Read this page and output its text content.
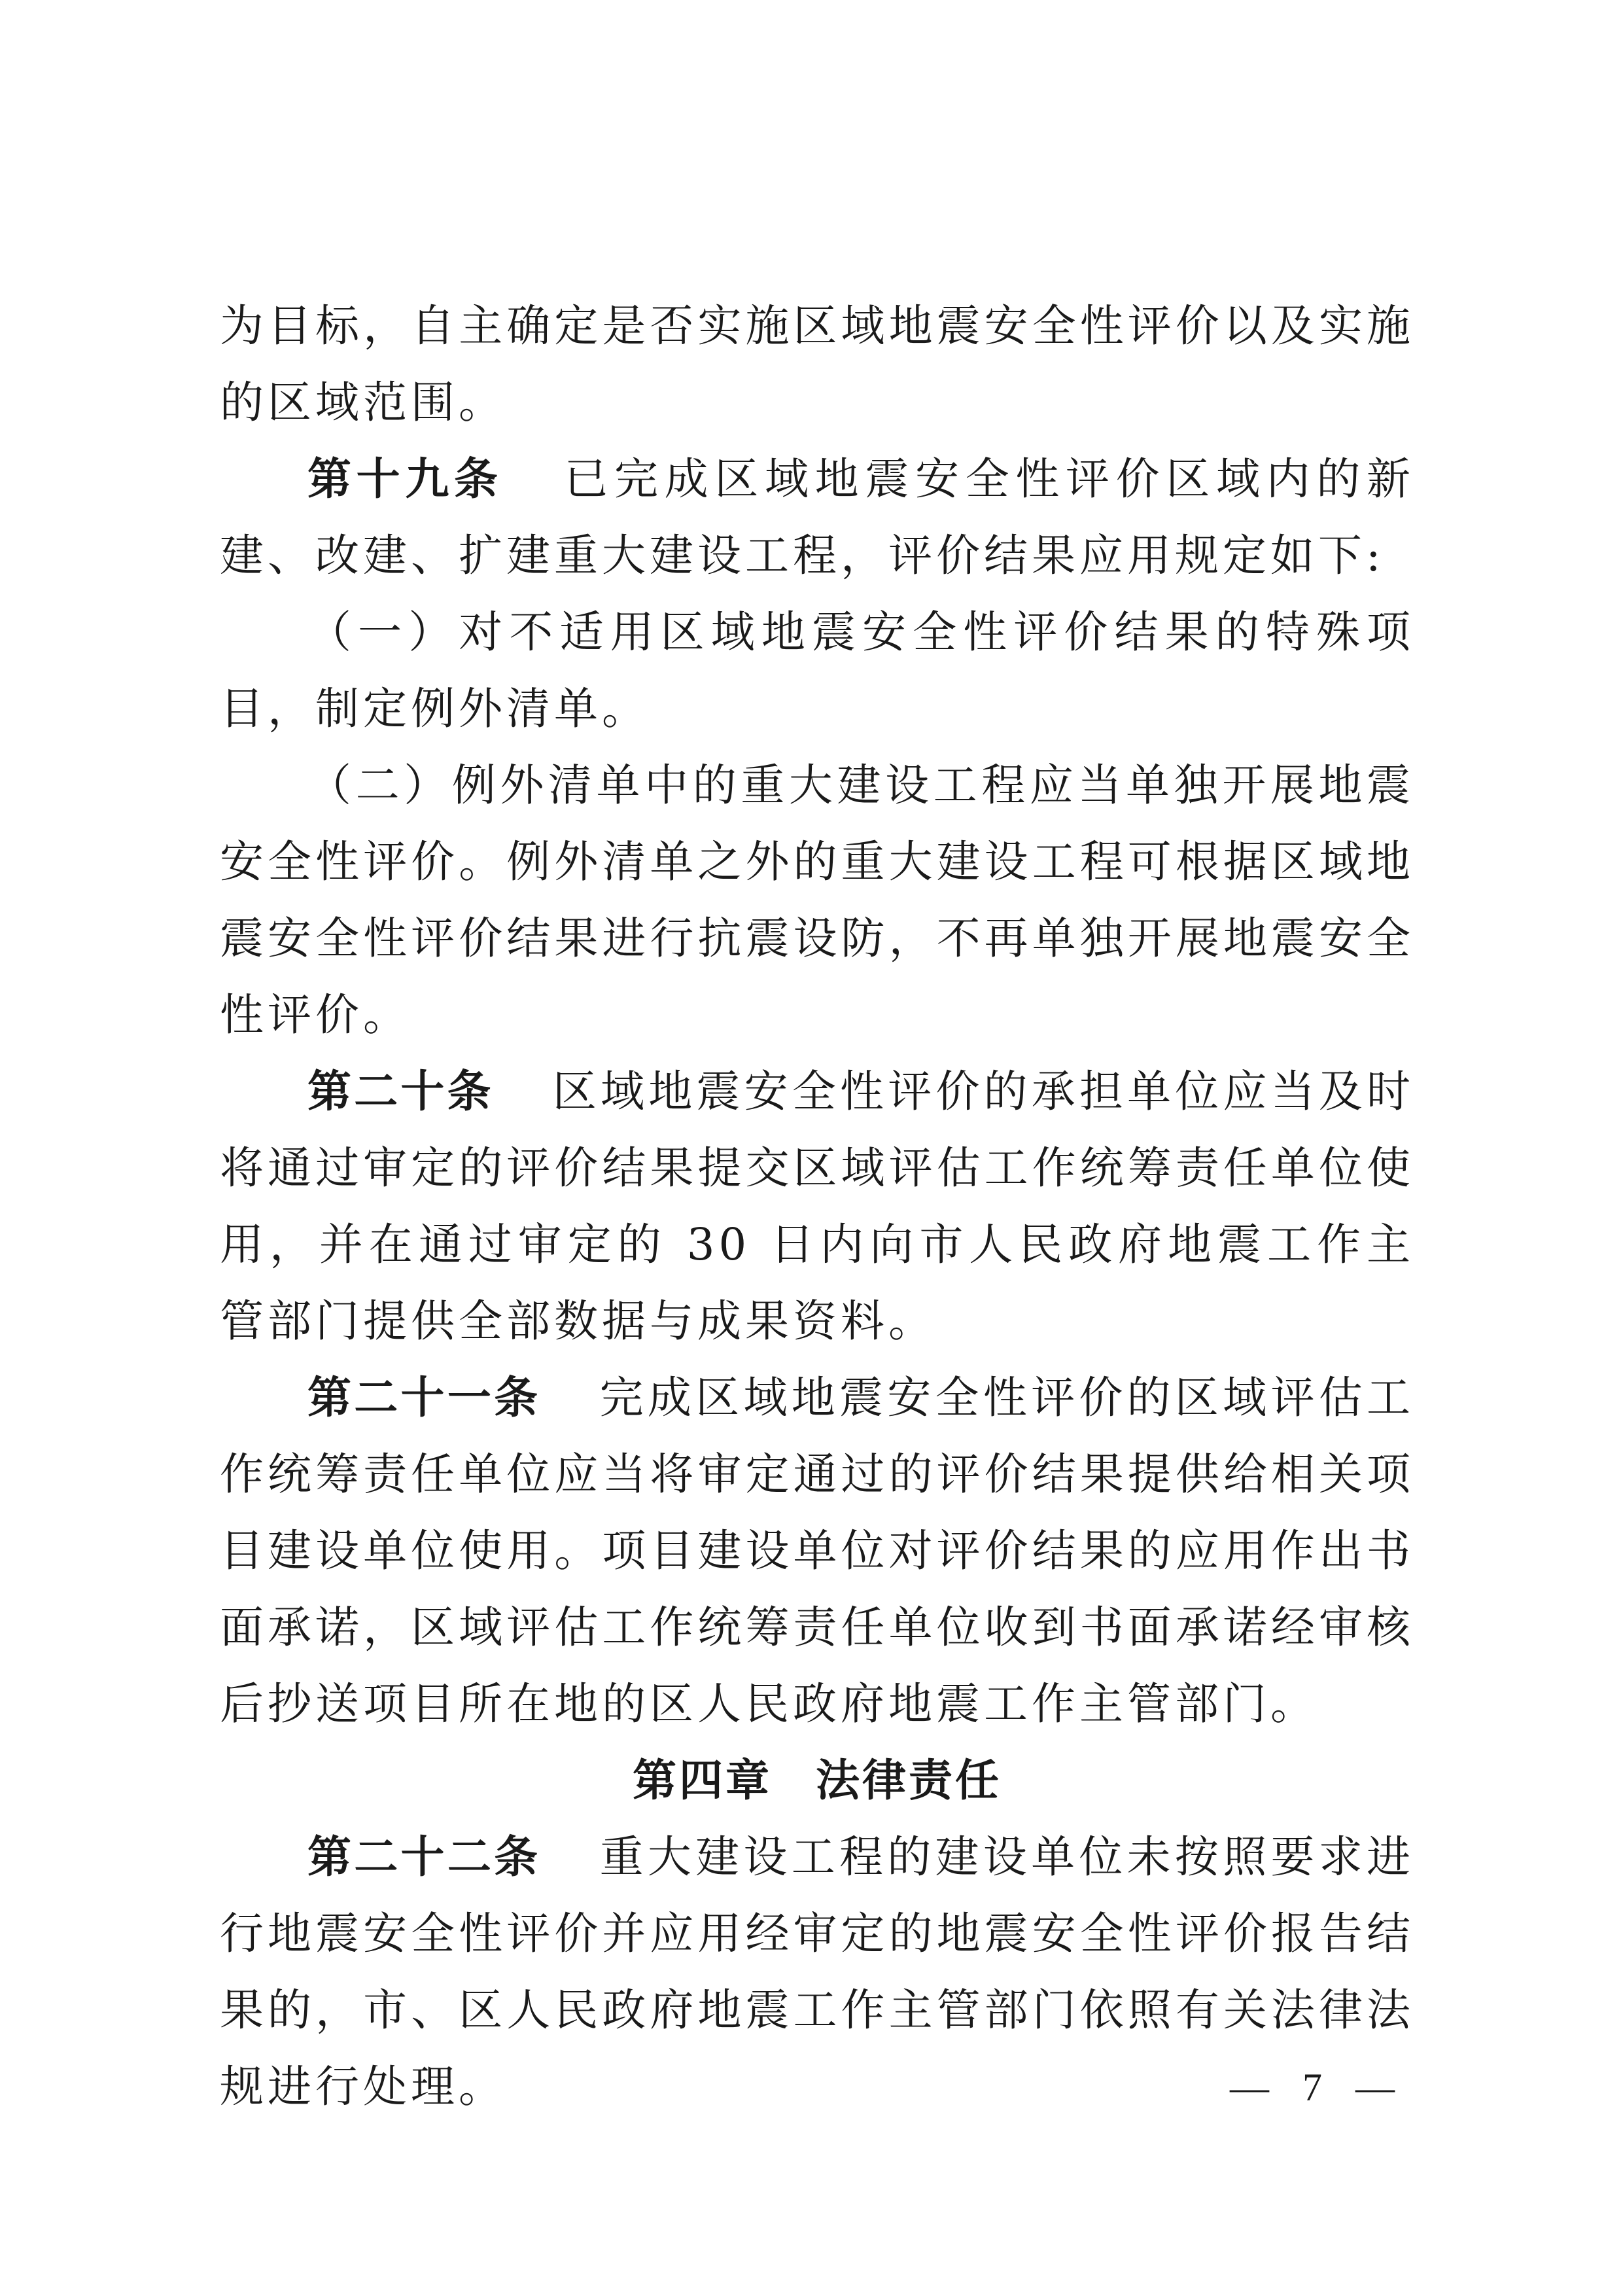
为目标，自主确定是否实施区域地震安全性评价以及实施的区域范围。

第十九条 已完成区域地震安全性评价区域内的新建、改建、扩建重大建设工程，评价结果应用规定如下:

（一）对不适用区域地震安全性评价结果的特殊项目，制定例外清单。

（二）例外清单中的重大建设工程应当单独开展地震安全性评价。例外清单之外的重大建设工程可根据区域地震安全性评价结果进行抗震设防，不再单独开展地震安全性评价。

第二十条 区域地震安全性评价的承担单位应当及时将通过审定的评价结果提交区域评估工作统筹责任单位使用，并在通过审定的 30 日内向市人民政府地震工作主管部门提供全部数据与成果资料。

第二十一条 完成区域地震安全性评价的区域评估工作统筹责任单位应当将审定通过的评价结果提供给相关项目建设单位使用。项目建设单位对评价结果的应用作出书面承诺，区域评估工作统筹责任单位收到书面承诺经审核后抄送项目所在地的区人民政府地震工作主管部门。

第四章 法律责任

第二十二条 重大建设工程的建设单位未按照要求进行地震安全性评价并应用经审定的地震安全性评价报告结果的，市、区人民政府地震工作主管部门依照有关法律法规进行处理。	— 7 —
